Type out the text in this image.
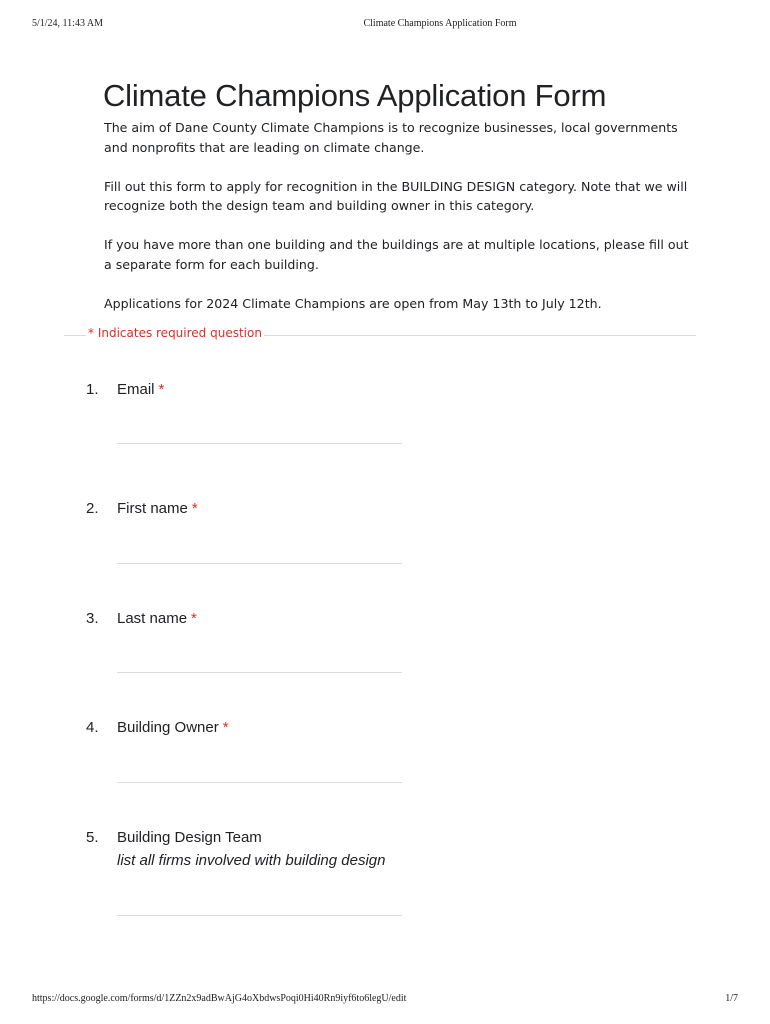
5/1/24, 11:43 AM	Climate Champions Application Form
Climate Champions Application Form

The aim of Dane County Climate Champions is to recognize businesses, local governments and nonprofits that are leading on climate change.

Fill out this form to apply for recognition in the BUILDING DESIGN category. Note that we will recognize both the design team and building owner in this category.

If you have more than one building and the buildings are at multiple locations, please fill out a separate form for each building.

Applications for 2024 Climate Champions are open from May 13th to July 12th.

* Indicates required question
1. Email *
2. First name *
3. Last name *
4. Building Owner *
5. Building Design Team
list all firms involved with building design
https://docs.google.com/forms/d/1ZZn2x9adBwAjG4oXbdwsPoqi0Hi40Rn9iyf6to6legU/edit	1/7
